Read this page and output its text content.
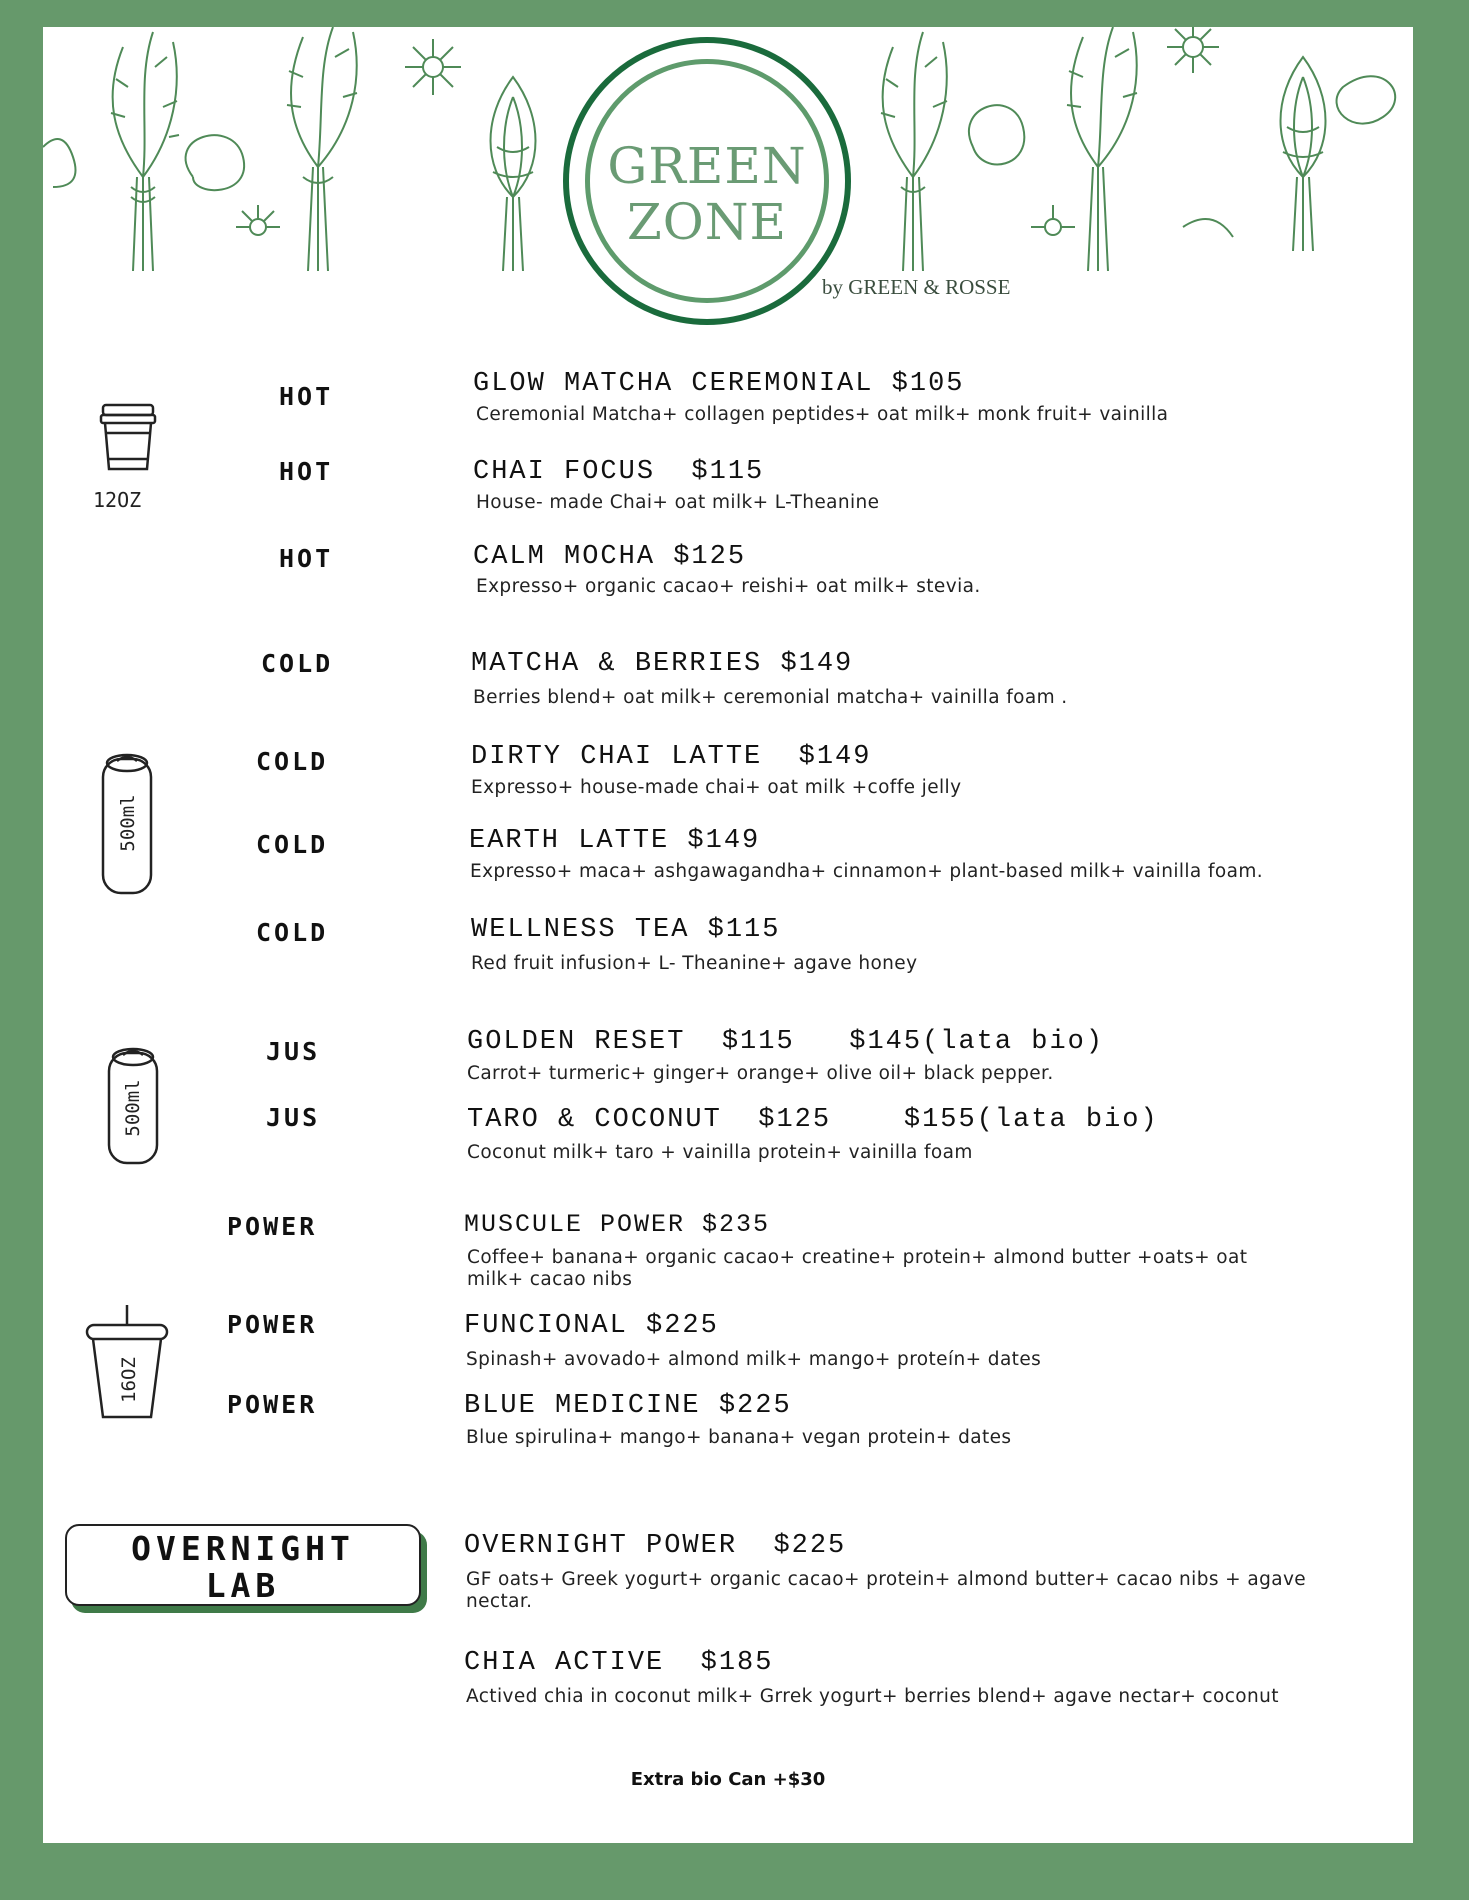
GREEN
ZONE
by GREEN & ROSSE
12OZ
500ml
500ml
16OZ
HOT
HOT
HOT
COLD
COLD
COLD
COLD
JUS
JUS
POWER
POWER
POWER
GLOW MATCHA CEREMONIAL $105
Ceremonial Matcha+ collagen peptides+ oat milk+ monk fruit+ vainilla
CHAI FOCUS  $115
House- made Chai+ oat milk+ L-Theanine
CALM MOCHA $125
Expresso+ organic cacao+ reishi+ oat milk+ stevia.
MATCHA & BERRIES $149
Berries blend+ oat milk+ ceremonial matcha+ vainilla foam .
DIRTY CHAI LATTE  $149
Expresso+ house-made chai+ oat milk +coffe jelly
EARTH LATTE $149
Expresso+ maca+ ashgawagandha+ cinnamon+ plant-based milk+ vainilla foam.
WELLNESS TEA $115
Red fruit infusion+ L- Theanine+ agave honey
GOLDEN RESET  $115   $145(lata bio)
Carrot+ turmeric+ ginger+ orange+ olive oil+ black pepper.
TARO & COCONUT  $125    $155(lata bio)
Coconut milk+ taro + vainilla protein+ vainilla foam
MUSCULE POWER $235
Coffee+ banana+ organic cacao+ creatine+ protein+ almond butter +oats+ oat milk+ cacao nibs
FUNCIONAL $225
Spinash+ avovado+ almond milk+ mango+ proteín+ dates
BLUE MEDICINE $225
Blue spirulina+ mango+ banana+ vegan protein+ dates
OVERNIGHT
LAB
OVERNIGHT POWER  $225
GF oats+ Greek yogurt+ organic cacao+ protein+ almond butter+ cacao nibs + agave nectar.
CHIA ACTIVE  $185
Actived chia in coconut milk+ Grrek yogurt+ berries blend+ agave nectar+ coconut
Extra bio Can +$30
